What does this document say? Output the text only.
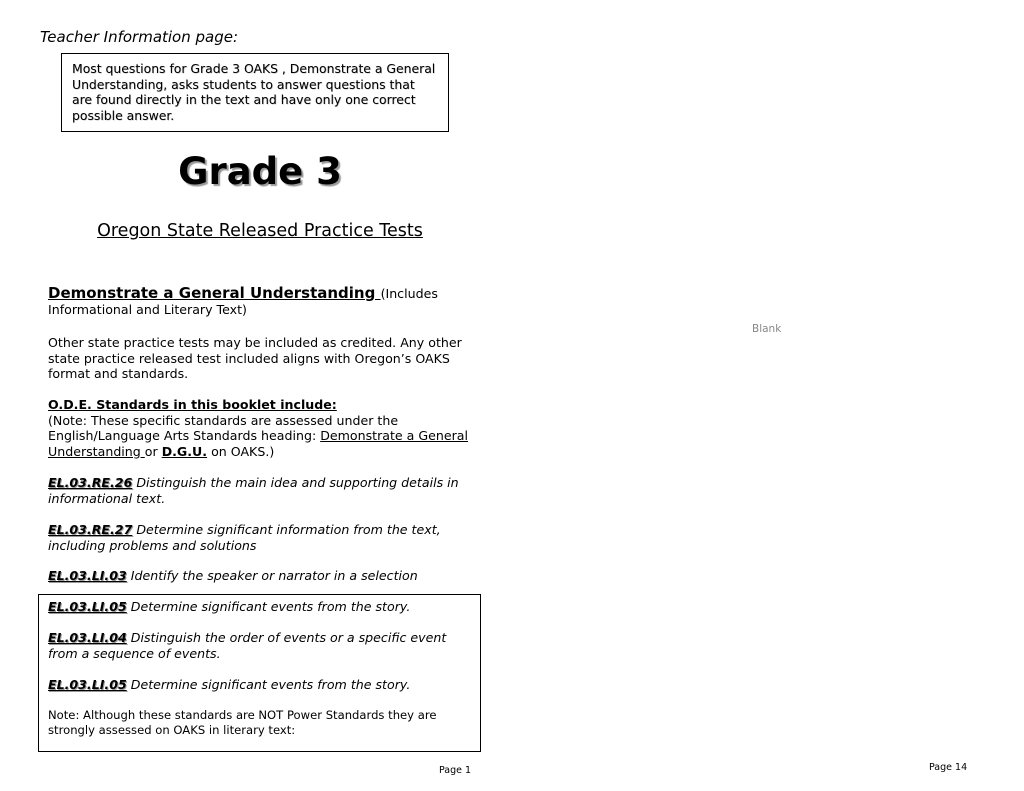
Teacher Information page:
Most questions for Grade 3 OAKS , Demonstrate a General Understanding, asks students to answer questions that are found directly in the text and have only one correct possible answer.
Grade 3
Oregon State Released Practice Tests
Demonstrate a General Understanding (Includes Informational and Literary Text)
Other state practice tests may be included as credited. Any other state practice released test included aligns with Oregon’s OAKS format and standards.
O.D.E. Standards in this booklet include:
(Note: These specific standards are assessed under the English/Language Arts Standards heading: Demonstrate a General Understanding or D.G.U. on OAKS.)
EL.03.RE.26 Distinguish the main idea and supporting details in informational text.
EL.03.RE.27 Determine significant information from the text, including problems and solutions
EL.03.LI.03 Identify the speaker or narrator in a selection
EL.03.LI.05 Determine significant events from the story.
EL.03.LI.04 Distinguish the order of events or a specific event from a sequence of events.
EL.03.LI.05 Determine significant events from the story.
Note: Although these standards are NOT Power Standards they are strongly assessed on OAKS in literary text:
Blank
Page 1	Page 14
